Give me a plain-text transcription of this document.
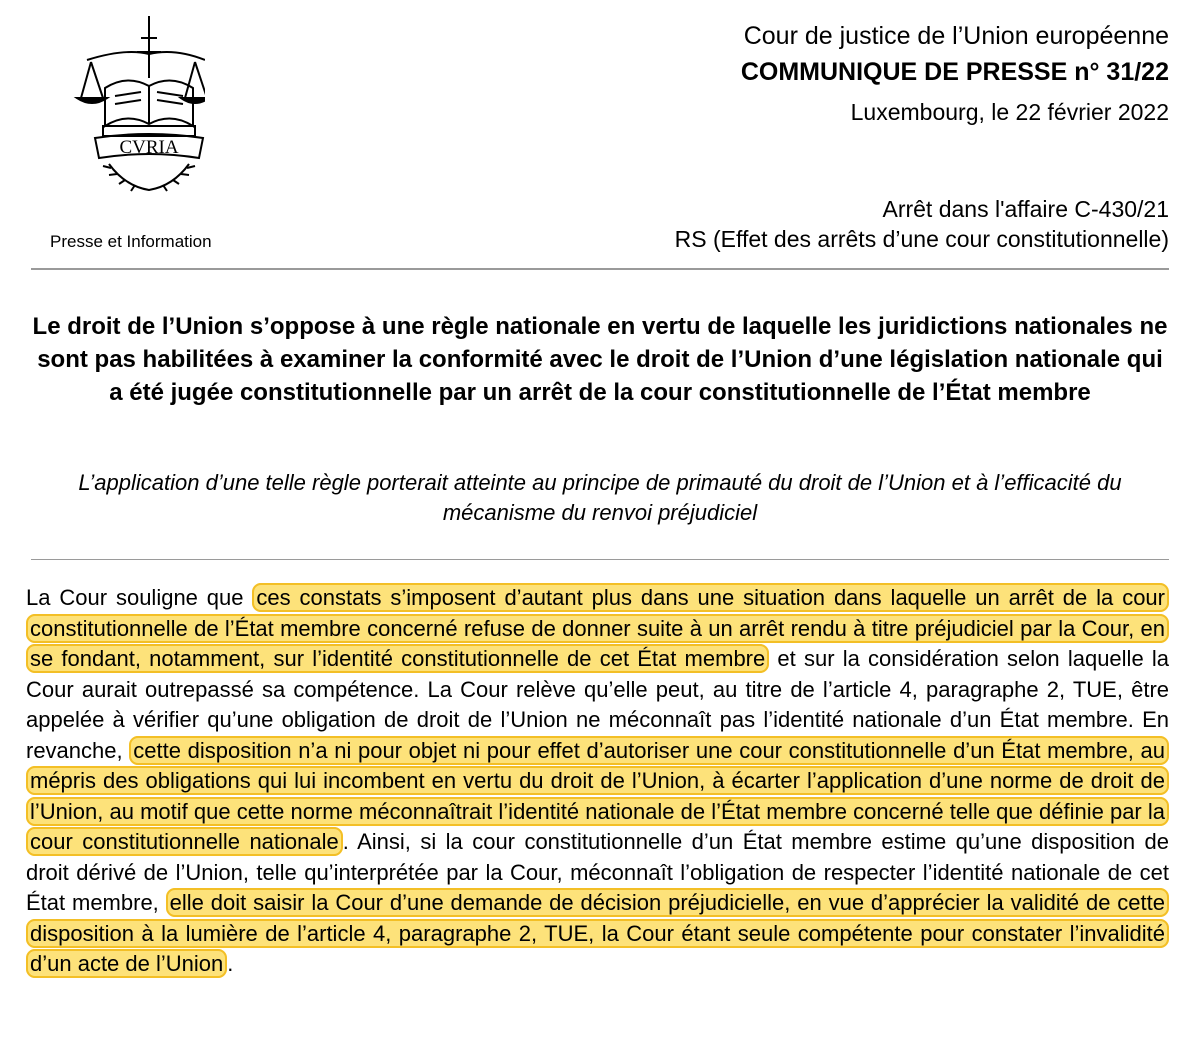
CVRIA
Presse et Information
Cour de justice de l’Union européenne
COMMUNIQUE DE PRESSE n° 31/22
Luxembourg, le 22 février 2022
Arrêt dans l'affaire C-430/21
RS (Effet des arrêts d’une cour constitutionnelle)
Le droit de l’Union s’oppose à une règle nationale en vertu de laquelle les juridictions nationales ne sont pas habilitées à examiner la conformité avec le droit de l’Union d’une législation nationale qui a été jugée constitutionnelle par un arrêt de la cour constitutionnelle de l’État membre
L’application d’une telle règle porterait atteinte au principe de primauté du droit de l’Union et à l’efficacité du mécanisme du renvoi préjudiciel
La Cour souligne que ces constats s’imposent d’autant plus dans une situation dans laquelle un arrêt de la cour constitutionnelle de l’État membre concerné refuse de donner suite à un arrêt rendu à titre préjudiciel par la Cour, en se fondant, notamment, sur l’identité constitutionnelle de cet État membre et sur la considération selon laquelle la Cour aurait outrepassé sa compétence. La Cour relève qu’elle peut, au titre de l’article 4, paragraphe 2, TUE, être appelée à vérifier qu’une obligation de droit de l’Union ne méconnaît pas l’identité nationale d’un État membre. En revanche, cette disposition n’a ni pour objet ni pour effet d’autoriser une cour constitutionnelle d’un État membre, au mépris des obligations qui lui incombent en vertu du droit de l’Union, à écarter l’application d’une norme de droit de l’Union, au motif que cette norme méconnaîtrait l’identité nationale de l’État membre concerné telle que définie par la cour constitutionnelle nationale . Ainsi, si la cour constitutionnelle d’un État membre estime qu’une disposition de droit dérivé de l’Union, telle qu’interprétée par la Cour, méconnaît l’obligation de respecter l’identité nationale de cet État membre, elle doit saisir la Cour d’une demande de décision préjudicielle, en vue d’apprécier la validité de cette disposition à la lumière de l’article 4, paragraphe 2, TUE, la Cour étant seule compétente pour constater l’invalidité d’un acte de l’Union .
